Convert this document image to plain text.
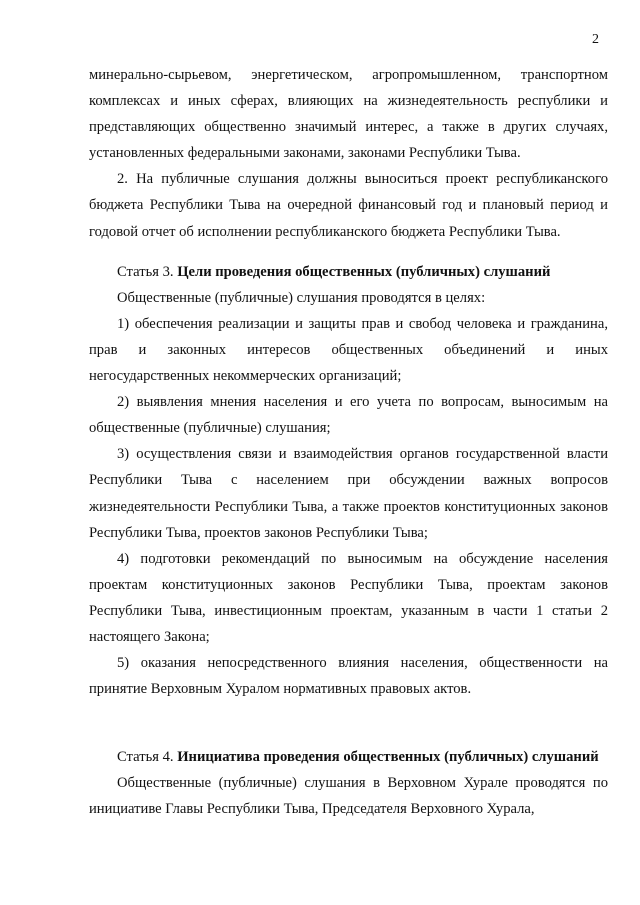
2

минерально-сырьевом, энергетическом, агропромышленном, транспортном комплексах и иных сферах, влияющих на жизнедеятельность республики и представляющих общественно значимый интерес, а также в других случаях, установленных федеральными законами, законами Республики Тыва.

2. На публичные слушания должны выноситься проект республиканского бюджета Республики Тыва на очередной финансовый год и плановый период и годовой отчет об исполнении республиканского бюджета Республики Тыва.

Статья 3. Цели проведения общественных (публичных) слушаний

Общественные (публичные) слушания проводятся в целях:

1) обеспечения реализации и защиты прав и свобод человека и гражданина, прав и законных интересов общественных объединений и иных негосударственных некоммерческих организаций;

2) выявления мнения населения и его учета по вопросам, выносимым на общественные (публичные) слушания;

3) осуществления связи и взаимодействия органов государственной власти Республики Тыва с населением при обсуждении важных вопросов жизнедеятельности Республики Тыва, а также проектов конституционных законов Республики Тыва, проектов законов Республики Тыва;

4) подготовки рекомендаций по выносимым на обсуждение населения проектам конституционных законов Республики Тыва, проектам законов Республики Тыва, инвестиционным проектам, указанным в части 1 статьи 2 настоящего Закона;

5) оказания непосредственного влияния населения, общественности на принятие Верховным Хуралом нормативных правовых актов.

Статья 4. Инициатива проведения общественных (публичных) слушаний

Общественные (публичные) слушания в Верховном Хурале проводятся по инициативе Главы Республики Тыва, Председателя Верховного Хурала,
